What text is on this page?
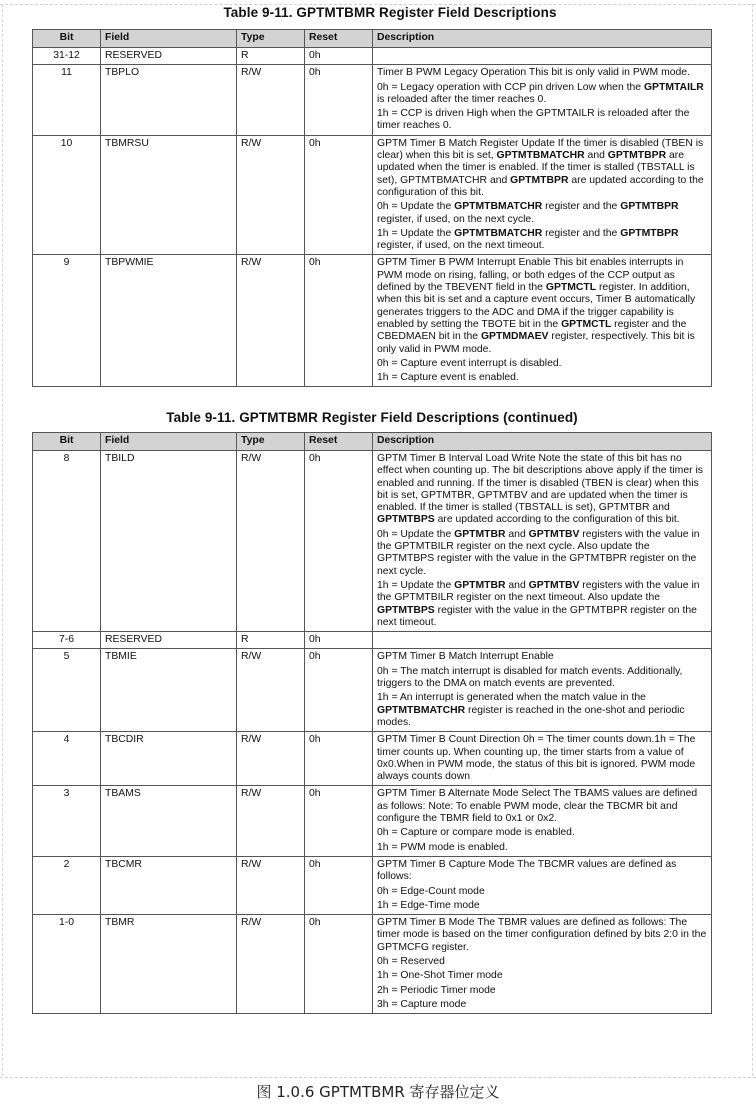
Table 9-11. GPTMTBMR Register Field Descriptions
Bit	Field	Type	Reset	Description
31-12	RESERVED	R	0h	
11	TBPLO	R/W	0h	Timer B PWM Legacy Operation This bit is only valid in PWM mode.
0h = Legacy operation with CCP pin driven Low when the GPTMTAILR is reloaded after the timer reaches 0.
1h = CCP is driven High when the GPTMTAILR is reloaded after the timer reaches 0.

10	TBMRSU	R/W	0h	GPTM Timer B Match Register Update If the timer is disabled (TBEN is clear) when this bit is set, GPTMTBMATCHR and GPTMTBPR are updated when the timer is enabled. If the timer is stalled (TBSTALL is set), GPTMTBMATCHR and GPTMTBPR are updated according to the configuration of this bit.
0h = Update the GPTMTBMATCHR register and the GPTMTBPR register, if used, on the next cycle.
1h = Update the GPTMTBMATCHR register and the GPTMTBPR register, if used, on the next timeout.

9	TBPWMIE	R/W	0h	GPTM Timer B PWM Interrupt Enable This bit enables interrupts in PWM mode on rising, falling, or both edges of the CCP output as defined by the TBEVENT field in the GPTMCTL register. In addition, when this bit is set and a capture event occurs, Timer B automatically generates triggers to the ADC and DMA if the trigger capability is enabled by setting the TBOTE bit in the GPTMCTL register and the CBEDMAEN bit in the GPTMDMAEV register, respectively. This bit is only valid in PWM mode.
0h = Capture event interrupt is disabled.
1h = Capture event is enabled.
Table 9-11. GPTMTBMR Register Field Descriptions (continued)
Bit	Field	Type	Reset	Description
8	TBILD	R/W	0h	GPTM Timer B Interval Load Write Note the state of this bit has no effect when counting up. The bit descriptions above apply if the timer is enabled and running. If the timer is disabled (TBEN is clear) when this bit is set, GPTMTBR, GPTMTBV and are updated when the timer is enabled. If the timer is stalled (TBSTALL is set), GPTMTBR and GPTMTBPS are updated according to the configuration of this bit.
0h = Update the GPTMTBR and GPTMTBV registers with the value in the GPTMTBILR register on the next cycle. Also update the GPTMTBPS register with the value in the GPTMTBPR register on the next cycle.
1h = Update the GPTMTBR and GPTMTBV registers with the value in the GPTMTBILR register on the next timeout. Also update the GPTMTBPS register with the value in the GPTMTBPR register on the next timeout.

7-6	RESERVED	R	0h	
5	TBMIE	R/W	0h	GPTM Timer B Match Interrupt Enable
0h = The match interrupt is disabled for match events. Additionally, triggers to the DMA on match events are prevented.
1h = An interrupt is generated when the match value in the GPTMTBMATCHR register is reached in the one-shot and periodic modes.

4	TBCDIR	R/W	0h	GPTM Timer B Count Direction 0h = The timer counts down.1h = The timer counts up. When counting up, the timer starts from a value of 0x0.When in PWM mode, the status of this bit is ignored. PWM mode always counts down

3	TBAMS	R/W	0h	GPTM Timer B Alternate Mode Select The TBAMS values are defined as follows: Note: To enable PWM mode, clear the TBCMR bit and configure the TBMR field to 0x1 or 0x2.
0h = Capture or compare mode is enabled.
1h = PWM mode is enabled.

2	TBCMR	R/W	0h	GPTM Timer B Capture Mode The TBCMR values are defined as follows:
0h = Edge-Count mode
1h = Edge-Time mode

1-0	TBMR	R/W	0h	GPTM Timer B Mode The TBMR values are defined as follows: The timer mode is based on the timer configuration defined by bits 2:0 in the GPTMCFG register.
0h = Reserved
1h = One-Shot Timer mode
2h = Periodic Timer mode
3h = Capture mode
图 1.0.6 GPTMTBMR 寄存器位定义
